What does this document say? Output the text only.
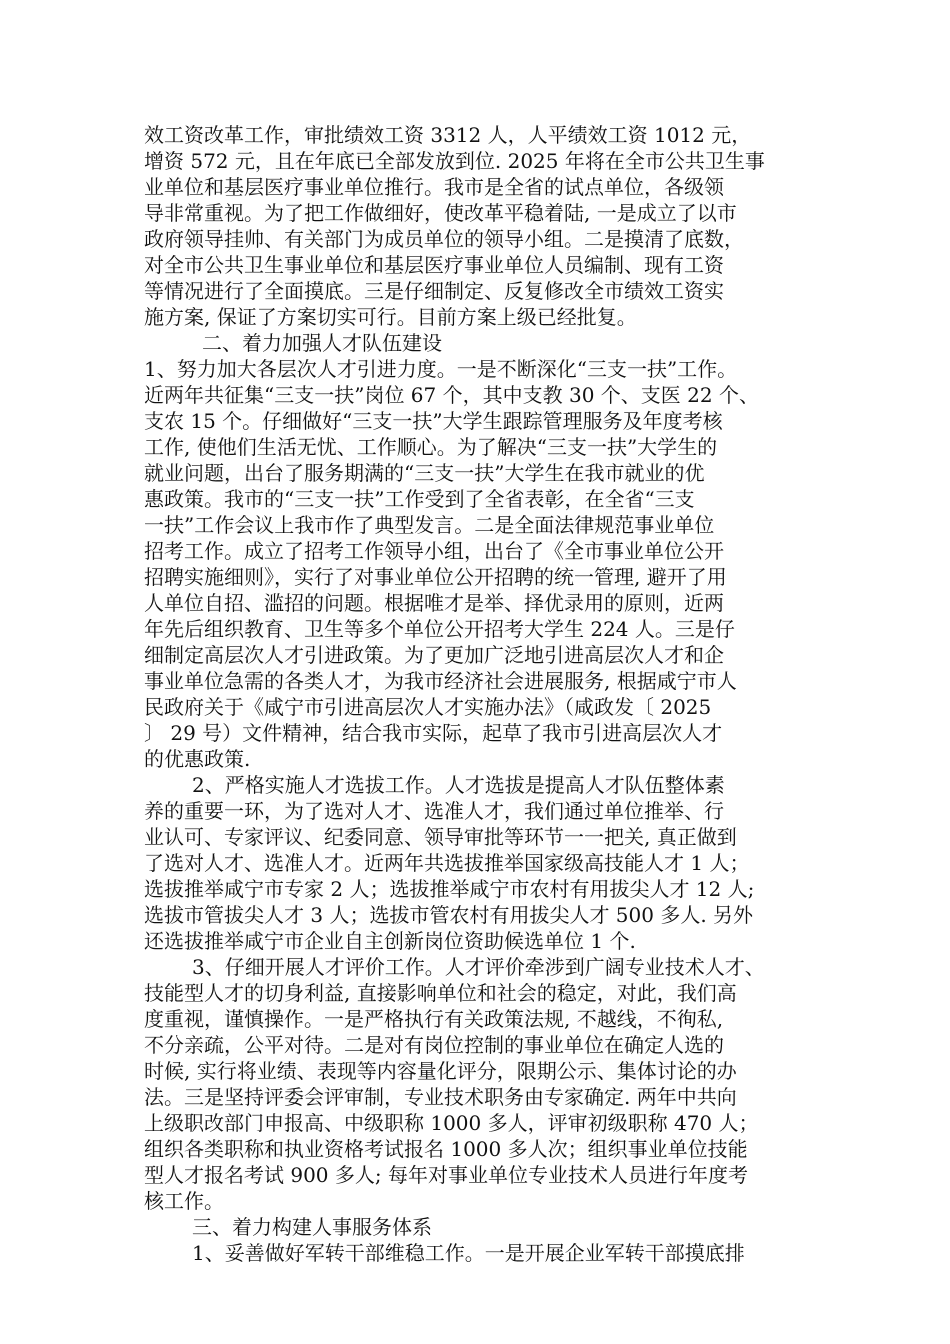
效工资改革工作，审批绩效工资 3312 人，人平绩效工资 1012 元，
增资 572 元，且在年底已全部发放到位. 2025 年将在全市公共卫生事
业单位和基层医疗事业单位推行。我市是全省的试点单位，各级领
导非常重视。为了把工作做细好，使改革平稳着陆, 一是成立了以市
政府领导挂帅、有关部门为成员单位的领导小组。二是摸清了底数，
对全市公共卫生事业单位和基层医疗事业单位人员编制、现有工资
等情况进行了全面摸底。三是仔细制定、反复修改全市绩效工资实
施方案, 保证了方案切实可行。目前方案上级已经批复。
二、着力加强人才队伍建设
1、努力加大各层次人才引进力度。一是不断深化“三支一扶”工作。
近两年共征集“三支一扶”岗位 67 个，其中支教 30 个、支医 22 个、
支农 15 个。仔细做好“三支一扶”大学生跟踪管理服务及年度考核
工作, 使他们生活无忧、工作顺心。为了解决“三支一扶”大学生的
就业问题，出台了服务期满的“三支一扶”大学生在我市就业的优
惠政策。我市的“三支一扶”工作受到了全省表彰，在全省“三支
一扶”工作会议上我市作了典型发言。二是全面法律规范事业单位
招考工作。成立了招考工作领导小组，出台了《全市事业单位公开
招聘实施细则》，实行了对事业单位公开招聘的统一管理, 避开了用
人单位自招、滥招的问题。根据唯才是举、择优录用的原则，近两
年先后组织教育、卫生等多个单位公开招考大学生 224 人。三是仔
细制定高层次人才引进政策。为了更加广泛地引进高层次人才和企
事业单位急需的各类人才，为我市经济社会进展服务, 根据咸宁市人
民政府关于《咸宁市引进高层次人才实施办法》（咸政发〔 2025
〕 29 号）文件精神，结合我市实际，起草了我市引进高层次人才
的优惠政策.
2、严格实施人才选拔工作。人才选拔是提高人才队伍整体素
养的重要一环，为了选对人才、选准人才，我们通过单位推举、行
业认可、专家评议、纪委同意、领导审批等环节一一把关, 真正做到
了选对人才、选准人才。近两年共选拔推举国家级高技能人才 1 人；
选拔推举咸宁市专家 2 人；选拔推举咸宁市农村有用拔尖人才 12 人;
选拔市管拔尖人才 3 人；选拔市管农村有用拔尖人才 500 多人. 另外
还选拔推举咸宁市企业自主创新岗位资助候选单位 1 个.
3、仔细开展人才评价工作。人才评价牵涉到广阔专业技术人才、
技能型人才的切身利益, 直接影响单位和社会的稳定，对此，我们高
度重视，谨慎操作。一是严格执行有关政策法规, 不越线，不徇私,
不分亲疏，公平对待。二是对有岗位控制的事业单位在确定人选的
时候, 实行将业绩、表现等内容量化评分，限期公示、集体讨论的办
法。三是坚持评委会评审制，专业技术职务由专家确定. 两年中共向
上级职改部门申报高、中级职称 1000 多人，评审初级职称 470 人；
组织各类职称和执业资格考试报名 1000 多人次；组织事业单位技能
型人才报名考试 900 多人; 每年对事业单位专业技术人员进行年度考
核工作。
三、着力构建人事服务体系
1、妥善做好军转干部维稳工作。一是开展企业军转干部摸底排
